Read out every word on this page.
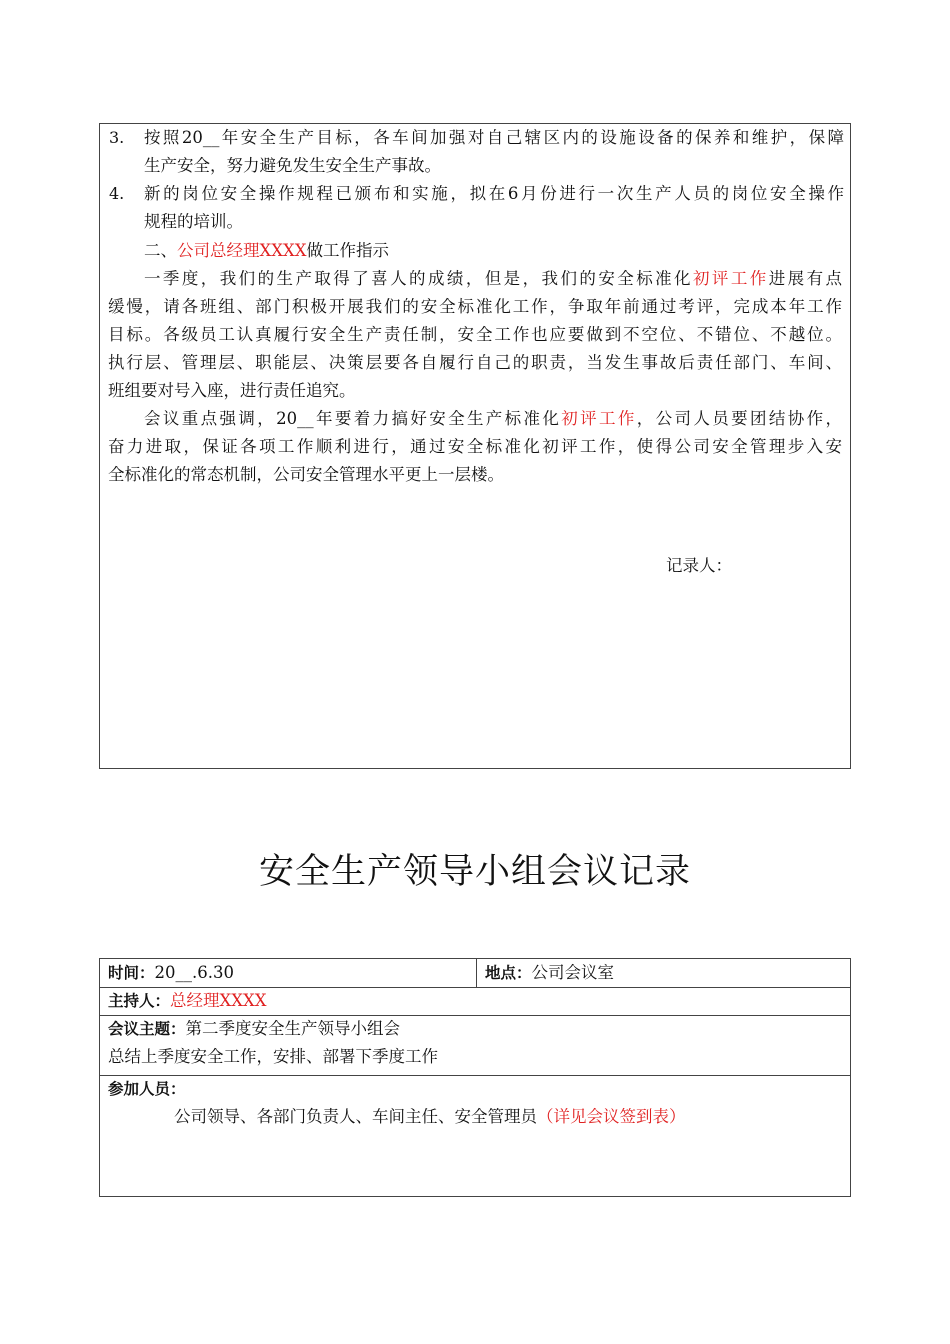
3. 按照20__年安全生产目标，各车间加强对自己辖区内的设施设备的保养和维护，保障
生产安全，努力避免发生安全生产事故。
4. 新的岗位安全操作规程已颁布和实施，拟在6月份进行一次生产人员的岗位安全操作
规程的培训。
二、公司总经理XXXX做工作指示
一季度，我们的生产取得了喜人的成绩，但是，我们的安全标准化初评工作进展有点
缓慢，请各班组、部门积极开展我们的安全标准化工作，争取年前通过考评，完成本年工作
目标。各级员工认真履行安全生产责任制，安全工作也应要做到不空位、不错位、不越位。
执行层、管理层、职能层、决策层要各自履行自己的职责，当发生事故后责任部门、车间、
班组要对号入座，进行责任追究。
会议重点强调，20__年要着力搞好安全生产标准化初评工作，公司人员要团结协作，
奋力进取，保证各项工作顺利进行，通过安全标准化初评工作，使得公司安全管理步入安
全标准化的常态机制，公司安全管理水平更上一层楼。
记录人：
安全生产领导小组会议记录
时间：20__.6.30	地点：公司会议室
主持人：总经理XXXX
会议主题：第二季度安全生产领导小组会
总结上季度安全工作，安排、部署下季度工作
参加人员：
公司领导、各部门负责人、车间主任、安全管理员（详见会议签到表）
